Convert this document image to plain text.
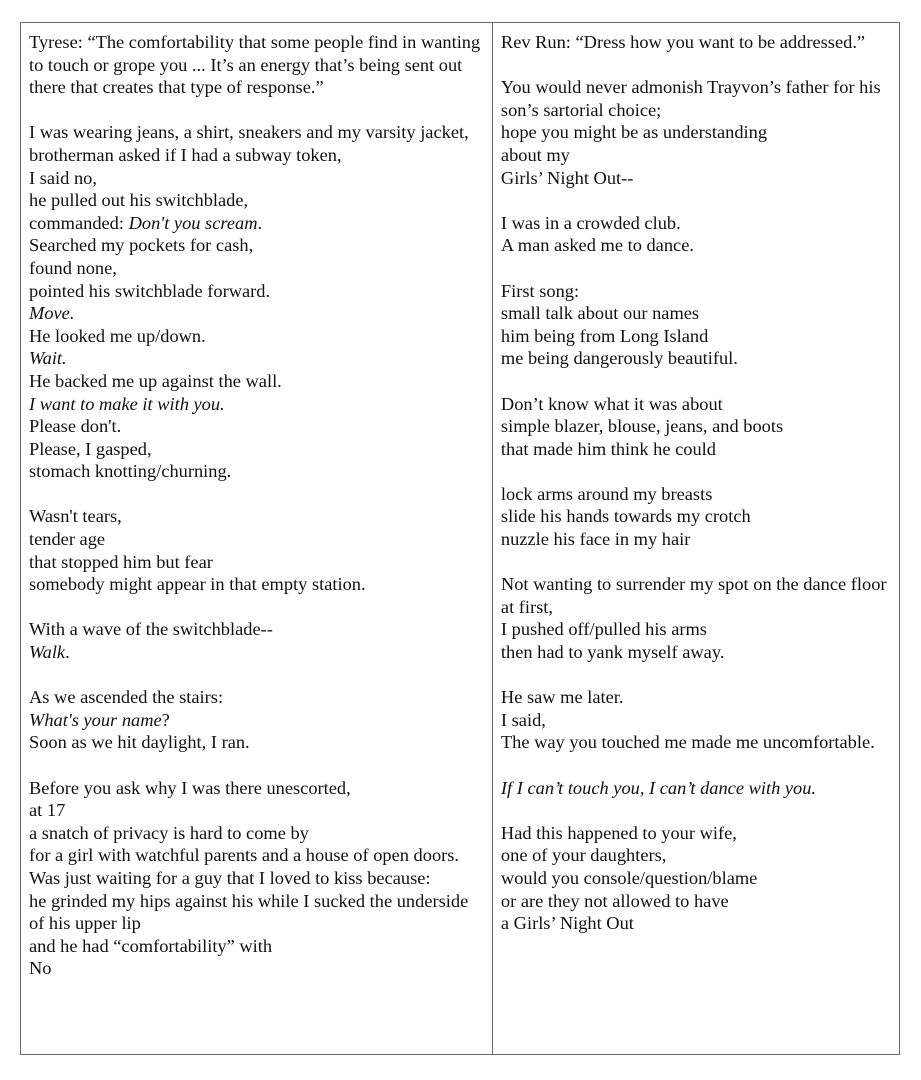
Tyrese: “The comfortability that some people find in wanting to touch or grope you ... It’s an energy that’s being sent out there that creates that type of response.”
I was wearing jeans, a shirt, sneakers and my varsity jacket,
brotherman asked if I had a subway token,
I said no,
he pulled out his switchblade,
commanded: Don't you scream.
Searched my pockets for cash,
found none,
pointed his switchblade forward.
Move.
He looked me up/down.
Wait.
He backed me up against the wall.
I want to make it with you.
Please don't.
Please, I gasped,
stomach knotting/churning.
Wasn't tears,
tender age
that stopped him but fear
somebody might appear in that empty station.
With a wave of the switchblade--
Walk.
As we ascended the stairs:
What's your name?
Soon as we hit daylight, I ran.
Before you ask why I was there unescorted,
at 17
a snatch of privacy is hard to come by
for a girl with watchful parents and a house of open doors.
Was just waiting for a guy that I loved to kiss because:
he grinded my hips against his while I sucked the underside of his upper lip
and he had “comfortability” with
No
Rev Run: “Dress how you want to be addressed.”
You would never admonish Trayvon’s father for his son’s sartorial choice;
hope you might be as understanding
about my
Girls’ Night Out--
I was in a crowded club.
A man asked me to dance.
First song:
small talk about our names
him being from Long Island
me being dangerously beautiful.
Don’t know what it was about
simple blazer, blouse, jeans, and boots
that made him think he could
lock arms around my breasts
slide his hands towards my crotch
nuzzle his face in my hair
Not wanting to surrender my spot on the dance floor
at first,
I pushed off/pulled his arms
then had to yank myself away.
He saw me later.
I said,
The way you touched me made me uncomfortable.
If I can’t touch you, I can’t dance with you.
Had this happened to your wife,
one of your daughters,
would you console/question/blame
or are they not allowed to have
a Girls’ Night Out
